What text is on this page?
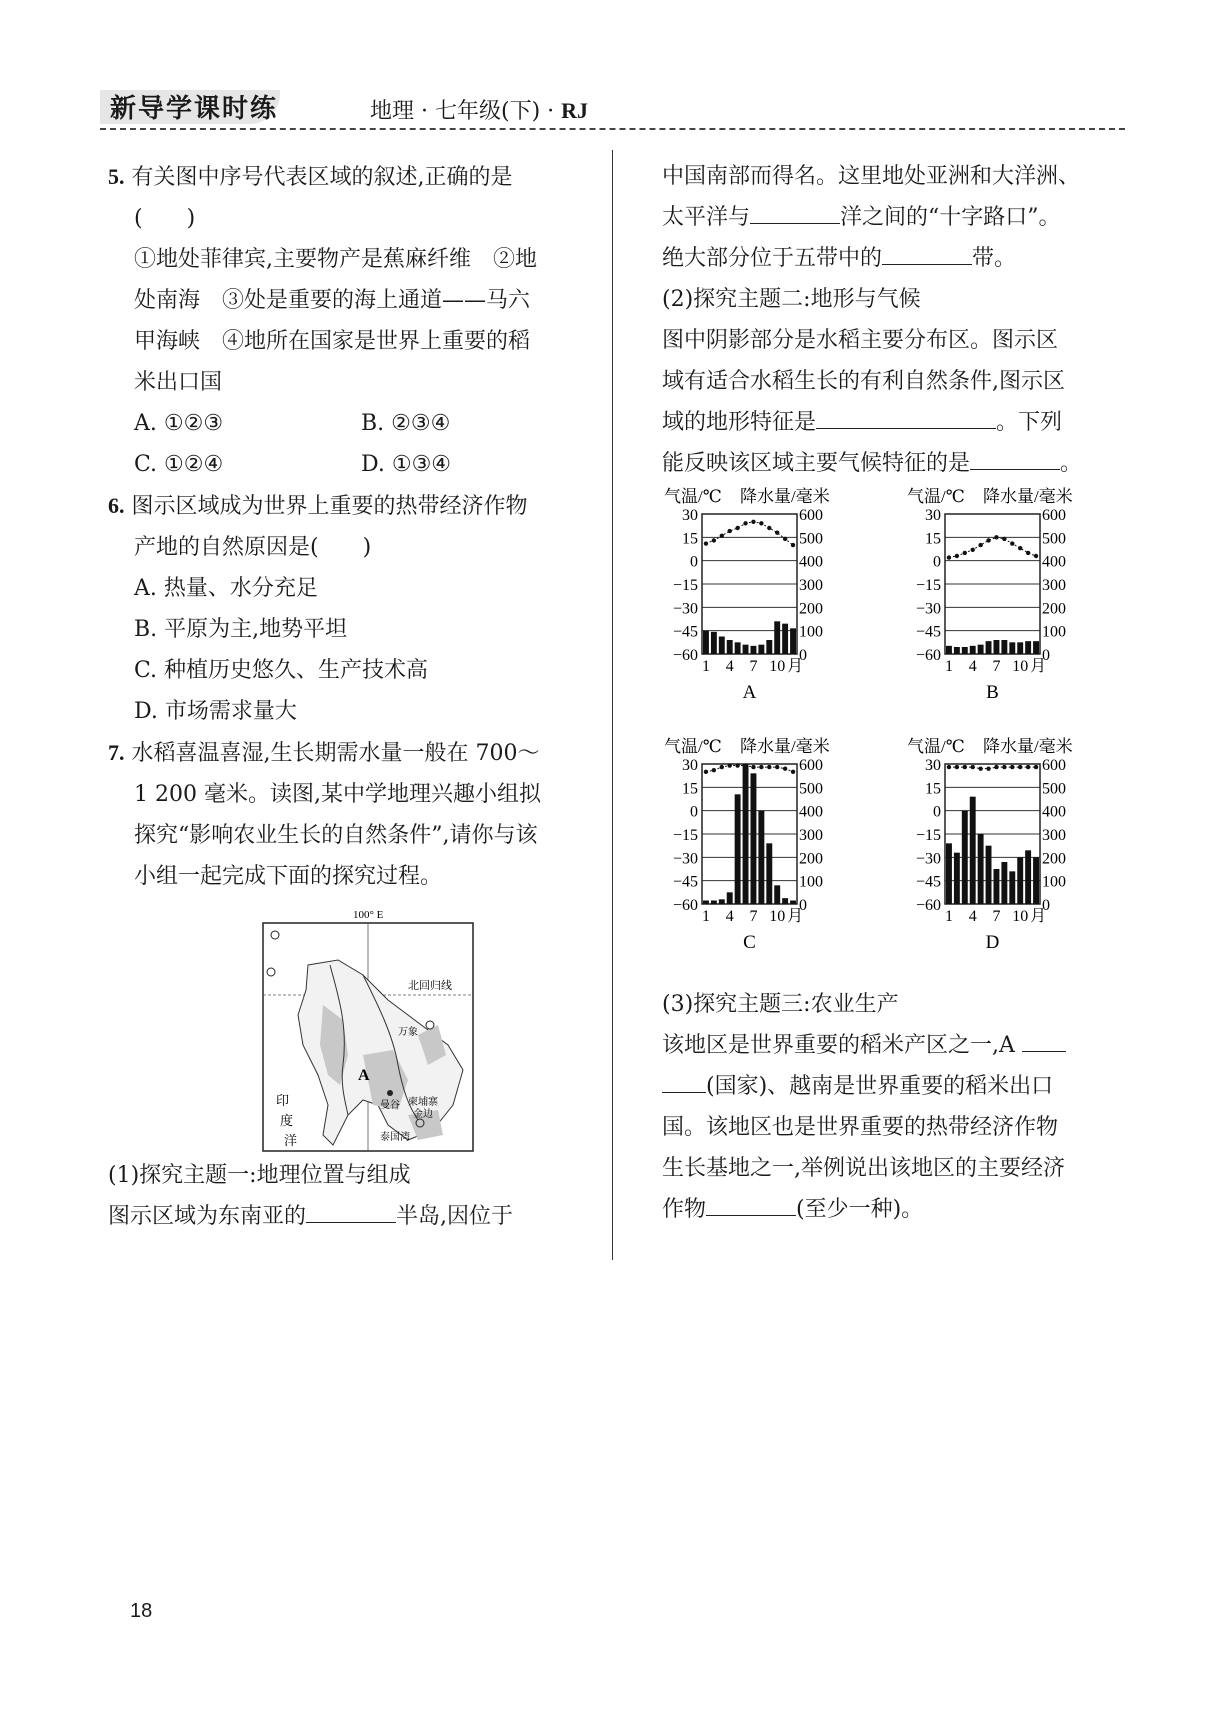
新导学课时练	地理 · 七年级(下) · RJ
5. 有关图中序号代表区域的叙述,正确的是
(　　)
①地处菲律宾,主要物产是蕉麻纤维　②地
处南海　③处是重要的海上通道——马六
甲海峡　④地所在国家是世界上重要的稻
米出口国
A. ①②③	B. ②③④
C. ①②④	D. ①③④
6. 图示区域成为世界上重要的热带经济作物
产地的自然原因是(　　)
A. 热量、水分充足
B. 平原为主,地势平坦
C. 种植历史悠久、生产技术高
D. 市场需求量大
7. 水稻喜温喜湿,生长期需水量一般在 700～
1 200 毫米。读图,某中学地理兴趣小组拟
探究“影响农业生长的自然条件”,请你与该
小组一起完成下面的探究过程。
100° E
北回归线
A
曼谷 柬埔寨
金边
泰国湾
万象
印
度
洋
(1)探究主题一:地理位置与组成
图示区域为东南亚的	半岛,因位于
中国南部而得名。这里地处亚洲和大洋洲、
太平洋与	洋之间的“十字路口”。
绝大部分位于五带中的	带。
(2)探究主题二:地形与气候
图中阴影部分是水稻主要分布区。图示区
域有适合水稻生长的有利自然条件,图示区
域的地形特征是	。下列
能反映该区域主要气候特征的是	。
气温/℃ 降水量/毫米
30	600
15	500
0	400
−15	300
−30	200
−45	100
−60	0
1 4 7 10 月
A
气温/℃ 降水量/毫米
30	600
15	500
0	400
−15	300
−30	200
−45	100
−60	0
1 4 7 10 月
B
气温/℃ 降水量/毫米
30	600
15	500
0	400
−15	300
−30	200
−45	100
−60	0
1 4 7 10 月
C
气温/℃ 降水量/毫米
30	600
15	500
0	400
−15	300
−30	200
−45	100
−60	0
1 4 7 10 月
D
(3)探究主题三:农业生产
该地区是世界重要的稻米产区之一,A
(国家)、越南是世界重要的稻米出口
国。该地区也是世界重要的热带经济作物
生长基地之一,举例说出该地区的主要经济
作物	(至少一种)。
18
